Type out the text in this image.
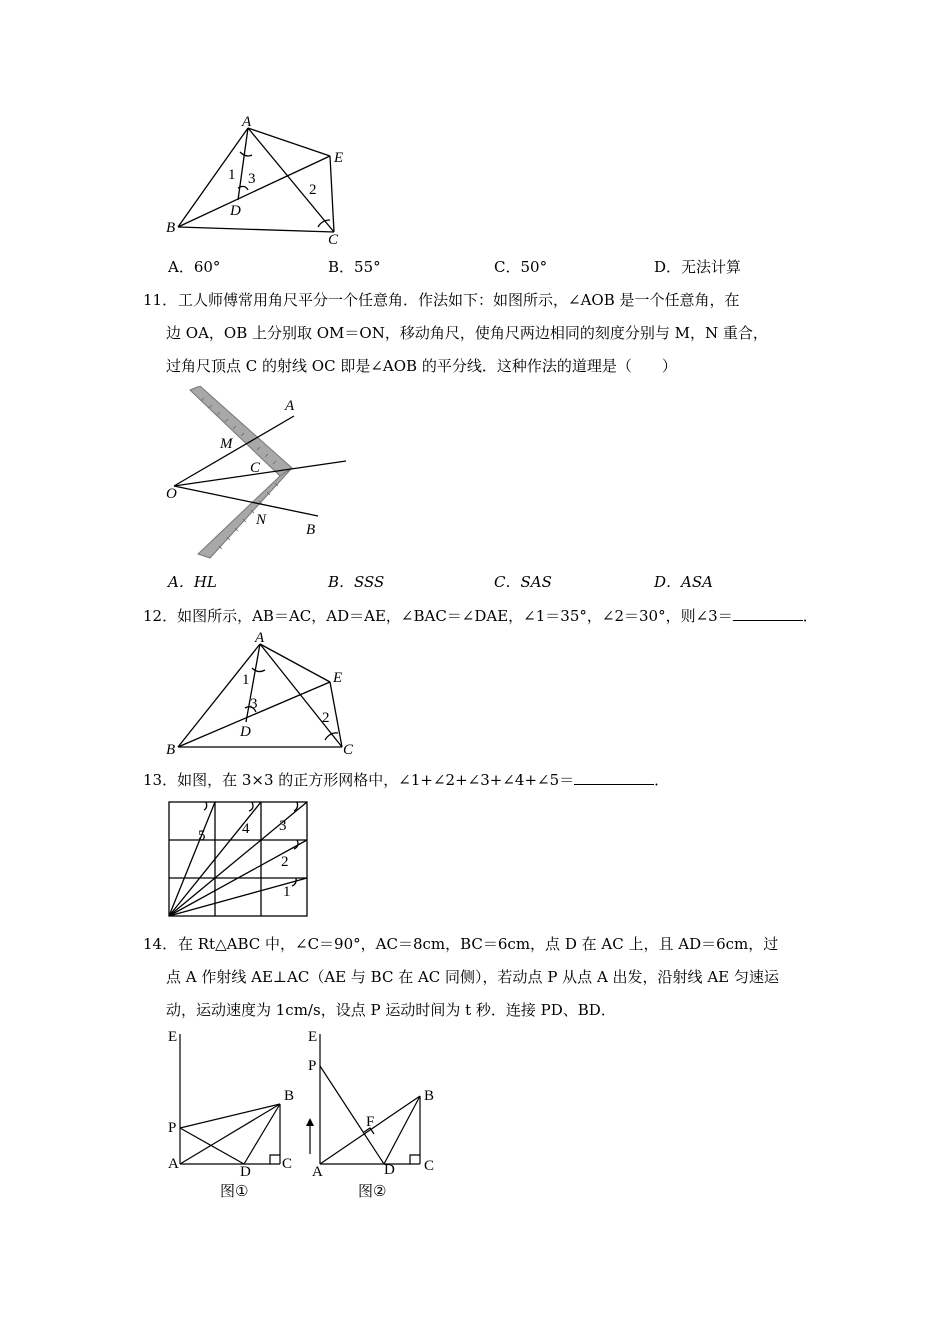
A
E
B
C
D
1 3
2
A．60°	B．55°	C．50°	D．无法计算
11． 工人师傅常用角尺平分一个任意角．作法如下：如图所示，∠AOB 是一个任意角，在
边 OA，OB 上分别取 OM＝ON，移动角尺，使角尺两边相同的刻度分别与 M，N 重合，
过角尺顶点 C 的射线 OC 即是∠AOB 的平分线．这种作法的道理是（　　）
A
M
C
O
N
B
A．HL	B．SSS	C．SAS	D．ASA
12．如图所示，AB＝AC，AD＝AE，∠BAC＝∠DAE，∠1＝35°，∠2＝30°，则∠3＝	．
A
E
B	C
D
1
3
2
13．如图，在 3×3 的正方形网格中，∠1+∠2+∠3+∠4+∠5＝	．
1
2
3
4
5
14． 在 Rt△ABC 中，∠C＝90°，AC＝8cm，BC＝6cm，点 D 在 AC 上，且 AD＝6cm，过
点 A 作射线 AE⊥AC（AE 与 BC 在 AC 同侧），若动点 P 从点 A 出发，沿射线 AE 匀速运
动，运动速度为 1cm/s，设点 P 运动时间为 t 秒．连接 PD、BD．
E
P
A	D
B
C
图①
E
P
F
A	D
B
C
图②
